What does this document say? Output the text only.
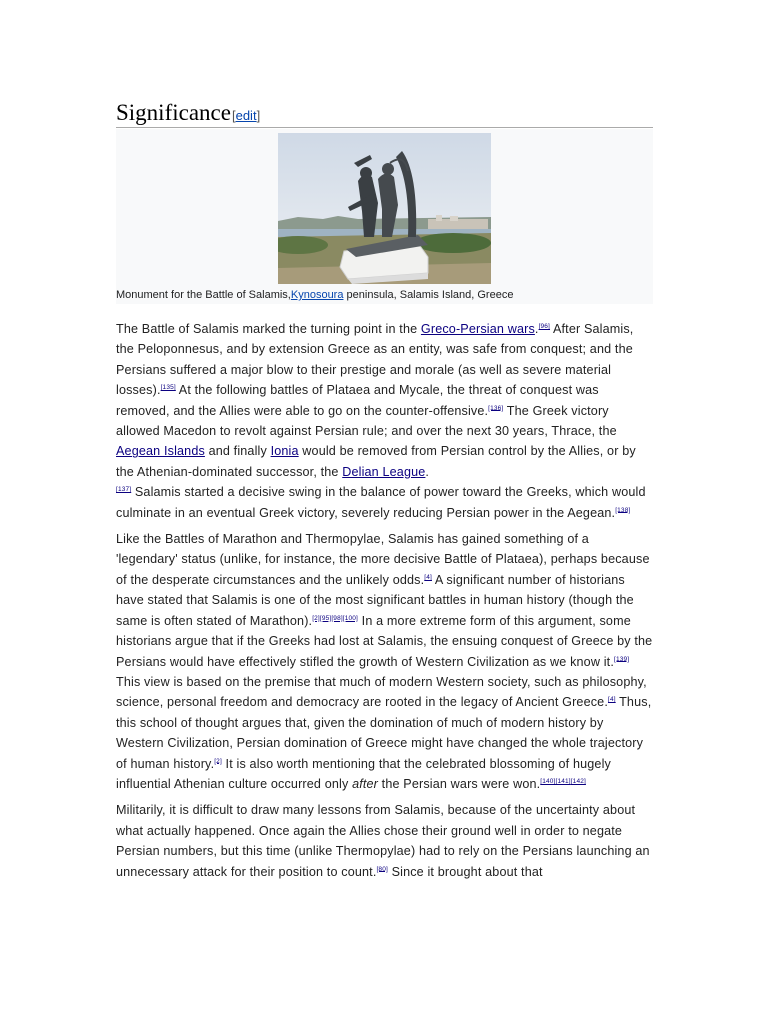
Significance [edit]
Monument for the Battle of Salamis,Kynosoura peninsula, Salamis Island, Greece

The Battle of Salamis marked the turning point in the Greco-Persian wars.[96] After Salamis, the Peloponnesus, and by extension Greece as an entity, was safe from conquest; and the Persians suffered a major blow to their prestige and morale (as well as severe material losses).[135] At the following battles of Plataea and Mycale, the threat of conquest was removed, and the Allies were able to go on the counter-offensive.[136] The Greek victory allowed Macedon to revolt against Persian rule; and over the next 30 years, Thrace, the Aegean Islands and finally Ionia would be removed from Persian control by the Allies, or by the Athenian-dominated successor, the Delian League.
[137] Salamis started a decisive swing in the balance of power toward the Greeks, which would culminate in an eventual Greek victory, severely reducing Persian power in the Aegean.[138]

Like the Battles of Marathon and Thermopylae, Salamis has gained something of a 'legendary' status (unlike, for instance, the more decisive Battle of Plataea), perhaps because of the desperate circumstances and the unlikely odds.[4] A significant number of historians have stated that Salamis is one of the most significant battles in human history (though the same is often stated of Marathon).[2][95][98][100] In a more extreme form of this argument, some historians argue that if the Greeks had lost at Salamis, the ensuing conquest of Greece by the Persians would have effectively stifled the growth of Western Civilization as we know it.[139] This view is based on the premise that much of modern Western society, such as philosophy, science, personal freedom and democracy are rooted in the legacy of Ancient Greece.[4] Thus, this school of thought argues that, given the domination of much of modern history by Western Civilization, Persian domination of Greece might have changed the whole trajectory of human history.[2] It is also worth mentioning that the celebrated blossoming of hugely influential Athenian culture occurred only after the Persian wars were won.[140][141][142]

Militarily, it is difficult to draw many lessons from Salamis, because of the uncertainty about what actually happened. Once again the Allies chose their ground well in order to negate Persian numbers, but this time (unlike Thermopylae) had to rely on the Persians launching an unnecessary attack for their position to count.[80] Since it brought about that
